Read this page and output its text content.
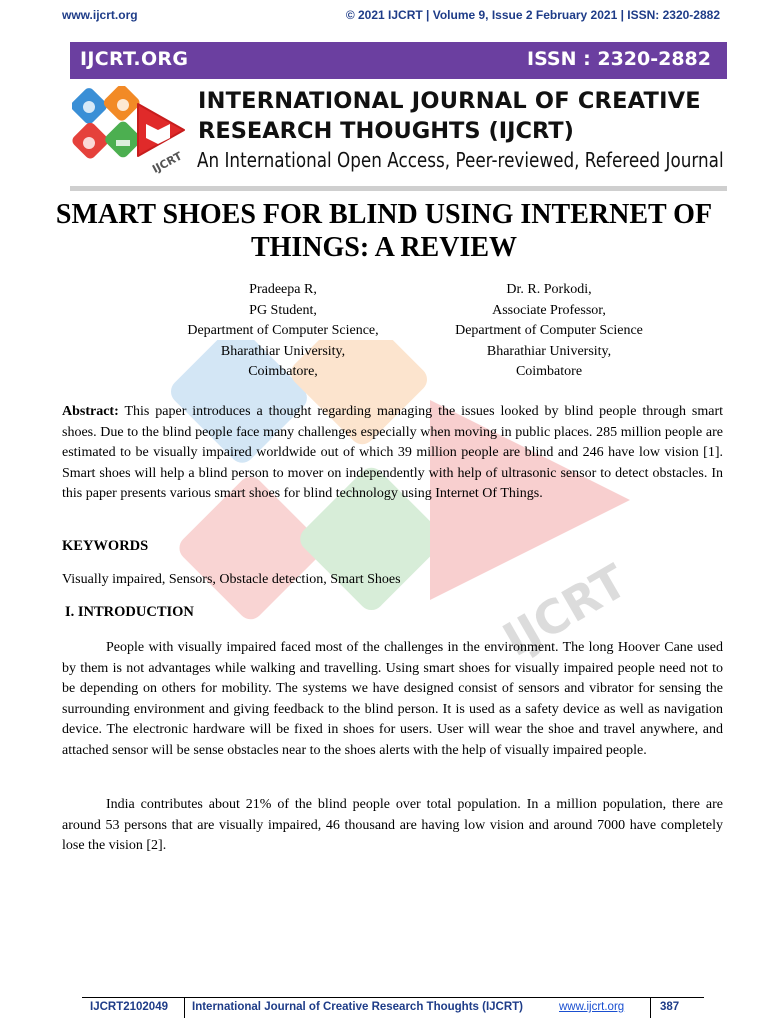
www.ijcrt.org	© 2021 IJCRT | Volume 9, Issue 2 February 2021 | ISSN: 2320-2882
IJCRT.ORG	ISSN : 2320-2882
IJCRT
INTERNATIONAL JOURNAL OF CREATIVE
RESEARCH THOUGHTS (IJCRT)
An International Open Access, Peer-reviewed, Refereed Journal
IJCRT
SMART SHOES FOR BLIND USING INTERNET OF THINGS: A REVIEW
Pradeepa R,
PG Student,
Department of Computer Science,
Bharathiar University,
Coimbatore,
Dr. R. Porkodi,
Associate Professor,
Department of Computer Science
Bharathiar University,
Coimbatore
Abstract: This paper introduces a thought regarding managing the issues looked by blind people through smart shoes. Due to the blind people face many challenges especially when moving in public places. 285 million people are estimated to be visually impaired worldwide out of which 39 million people are blind and 246 have low vision [1]. Smart shoes will help a blind person to mover on independently with help of ultrasonic sensor to detect obstacles. In this paper presents various smart shoes for blind technology using Internet Of Things.
KEYWORDS
Visually impaired, Sensors, Obstacle detection, Smart Shoes
I. INTRODUCTION
People with visually impaired faced most of the challenges in the environment. The long Hoover Cane used by them is not advantages while walking and travelling. Using smart shoes for visually impaired people need not to be depending on others for mobility. The systems we have designed consist of sensors and vibrator for sensing the surrounding environment and giving feedback to the blind person. It is used as a safety device as well as navigation device. The electronic hardware will be fixed in shoes for users. User will wear the shoe and travel anywhere, and attached sensor will be sense obstacles near to the shoes alerts with the help of visually impaired people.
India contributes about 21% of the blind people over total population. In a million population, there are around 53 persons that are visually impaired, 46 thousand are having low vision and around 7000 have completely lose the vision [2].
IJCRT2102049 International Journal of Creative Research Thoughts (IJCRT)	www.ijcrt.org	387
